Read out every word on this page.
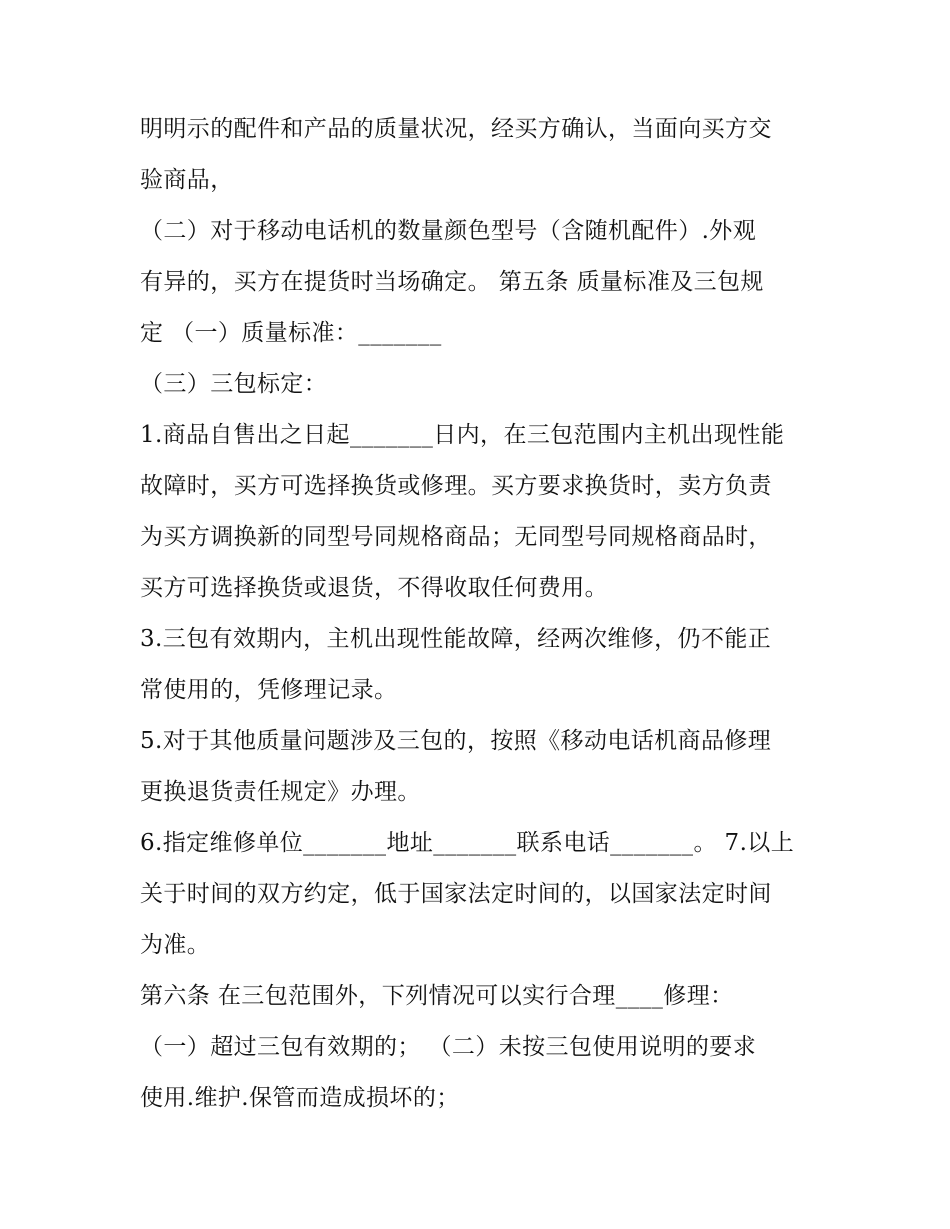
明明示的配件和产品的质量状况，经买方确认，当面向买方交
验商品，
（二）对于移动电话机的数量颜色型号（含随机配件）.外观
有异的，买方在提货时当场确定。 第五条 质量标准及三包规
定 （一）质量标准：_______
（三）三包标定：
1.商品自售出之日起_______日内，在三包范围内主机出现性能
故障时，买方可选择换货或修理。买方要求换货时，卖方负责
为买方调换新的同型号同规格商品；无同型号同规格商品时，
买方可选择换货或退货，不得收取任何费用。
3.三包有效期内，主机出现性能故障，经两次维修，仍不能正
常使用的，凭修理记录。
5.对于其他质量问题涉及三包的，按照《移动电话机商品修理
更换退货责任规定》办理。
6.指定维修单位_______地址_______联系电话_______。 7.以上
关于时间的双方约定，低于国家法定时间的，以国家法定时间
为准。
第六条 在三包范围外，下列情况可以实行合理____修理：
（一）超过三包有效期的； （二）未按三包使用说明的要求
使用.维护.保管而造成损坏的；
